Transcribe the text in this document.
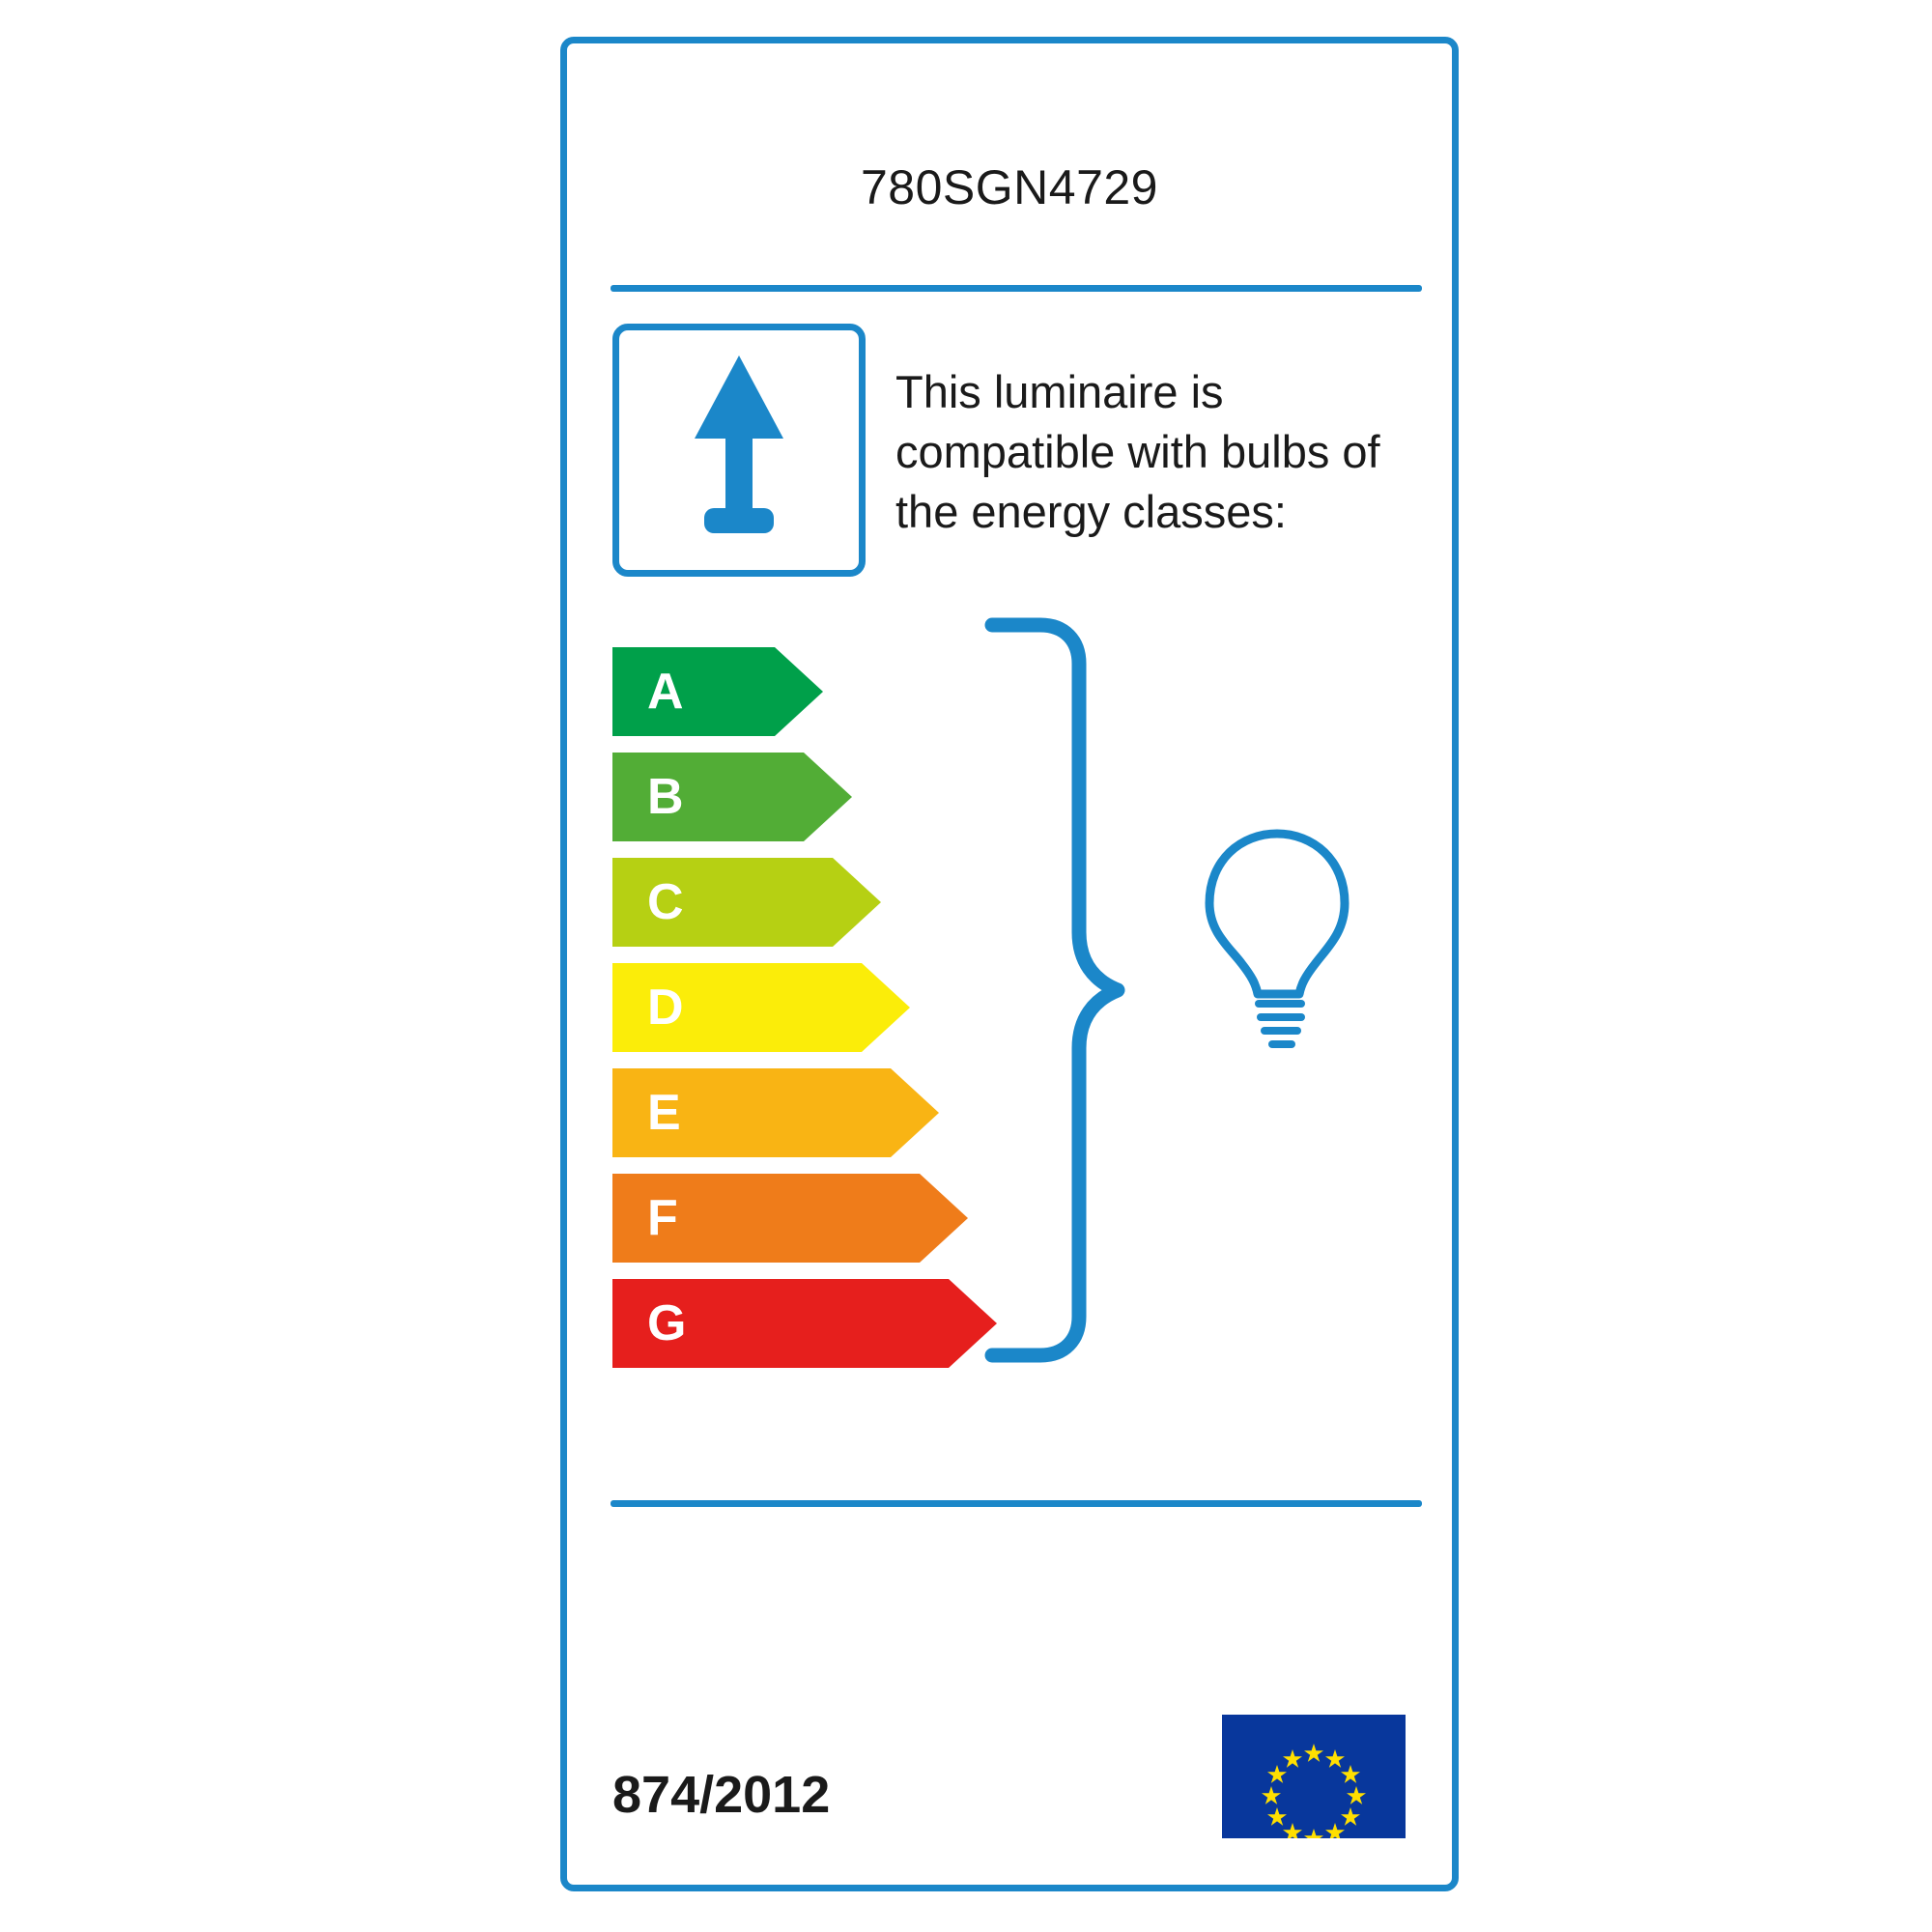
780SGN4729
This luminaire is compatible with bulbs of the energy classes:
A
B
C
D
E
F
G
874/2012
